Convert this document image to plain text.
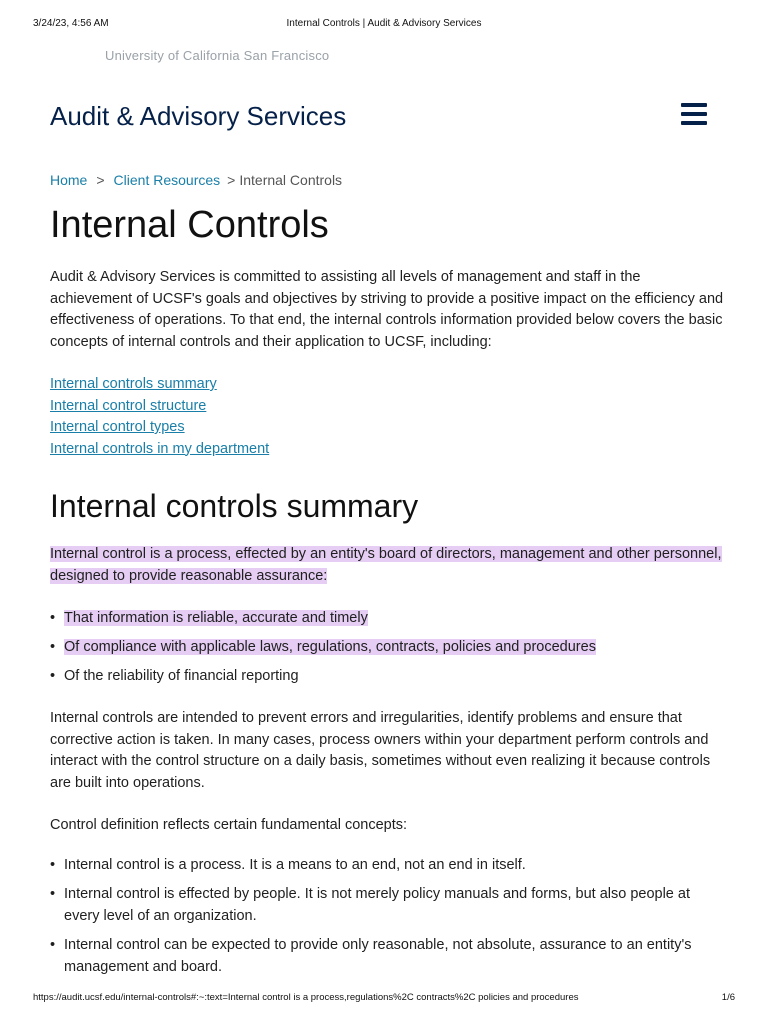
3/24/23, 4:56 AM	Internal Controls | Audit & Advisory Services
University of California San Francisco
Audit & Advisory Services
Home > Client Resources > Internal Controls
Internal Controls

Audit & Advisory Services is committed to assisting all levels of management and staff in the achievement of UCSF's goals and objectives by striving to provide a positive impact on the efficiency and effectiveness of operations. To that end, the internal controls information provided below covers the basic concepts of internal controls and their application to UCSF, including:

Internal controls summary
Internal control structure
Internal control types
Internal controls in my department
Internal controls summary

Internal control is a process, effected by an entity's board of directors, management and other personnel, designed to provide reasonable assurance:

• That information is reliable, accurate and timely
• Of compliance with applicable laws, regulations, contracts, policies and procedures
• Of the reliability of financial reporting

Internal controls are intended to prevent errors and irregularities, identify problems and ensure that corrective action is taken. In many cases, process owners within your department perform controls and interact with the control structure on a daily basis, sometimes without even realizing it because controls are built into operations.

Control definition reflects certain fundamental concepts:

• Internal control is a process. It is a means to an end, not an end in itself.
• Internal control is effected by people. It is not merely policy manuals and forms, but also people at every level of an organization.
• Internal control can be expected to provide only reasonable, not absolute, assurance to an entity's management and board.
https://audit.ucsf.edu/internal-controls#:~:text=Internal control is a process,regulations%2C contracts%2C policies and procedures	1/6
